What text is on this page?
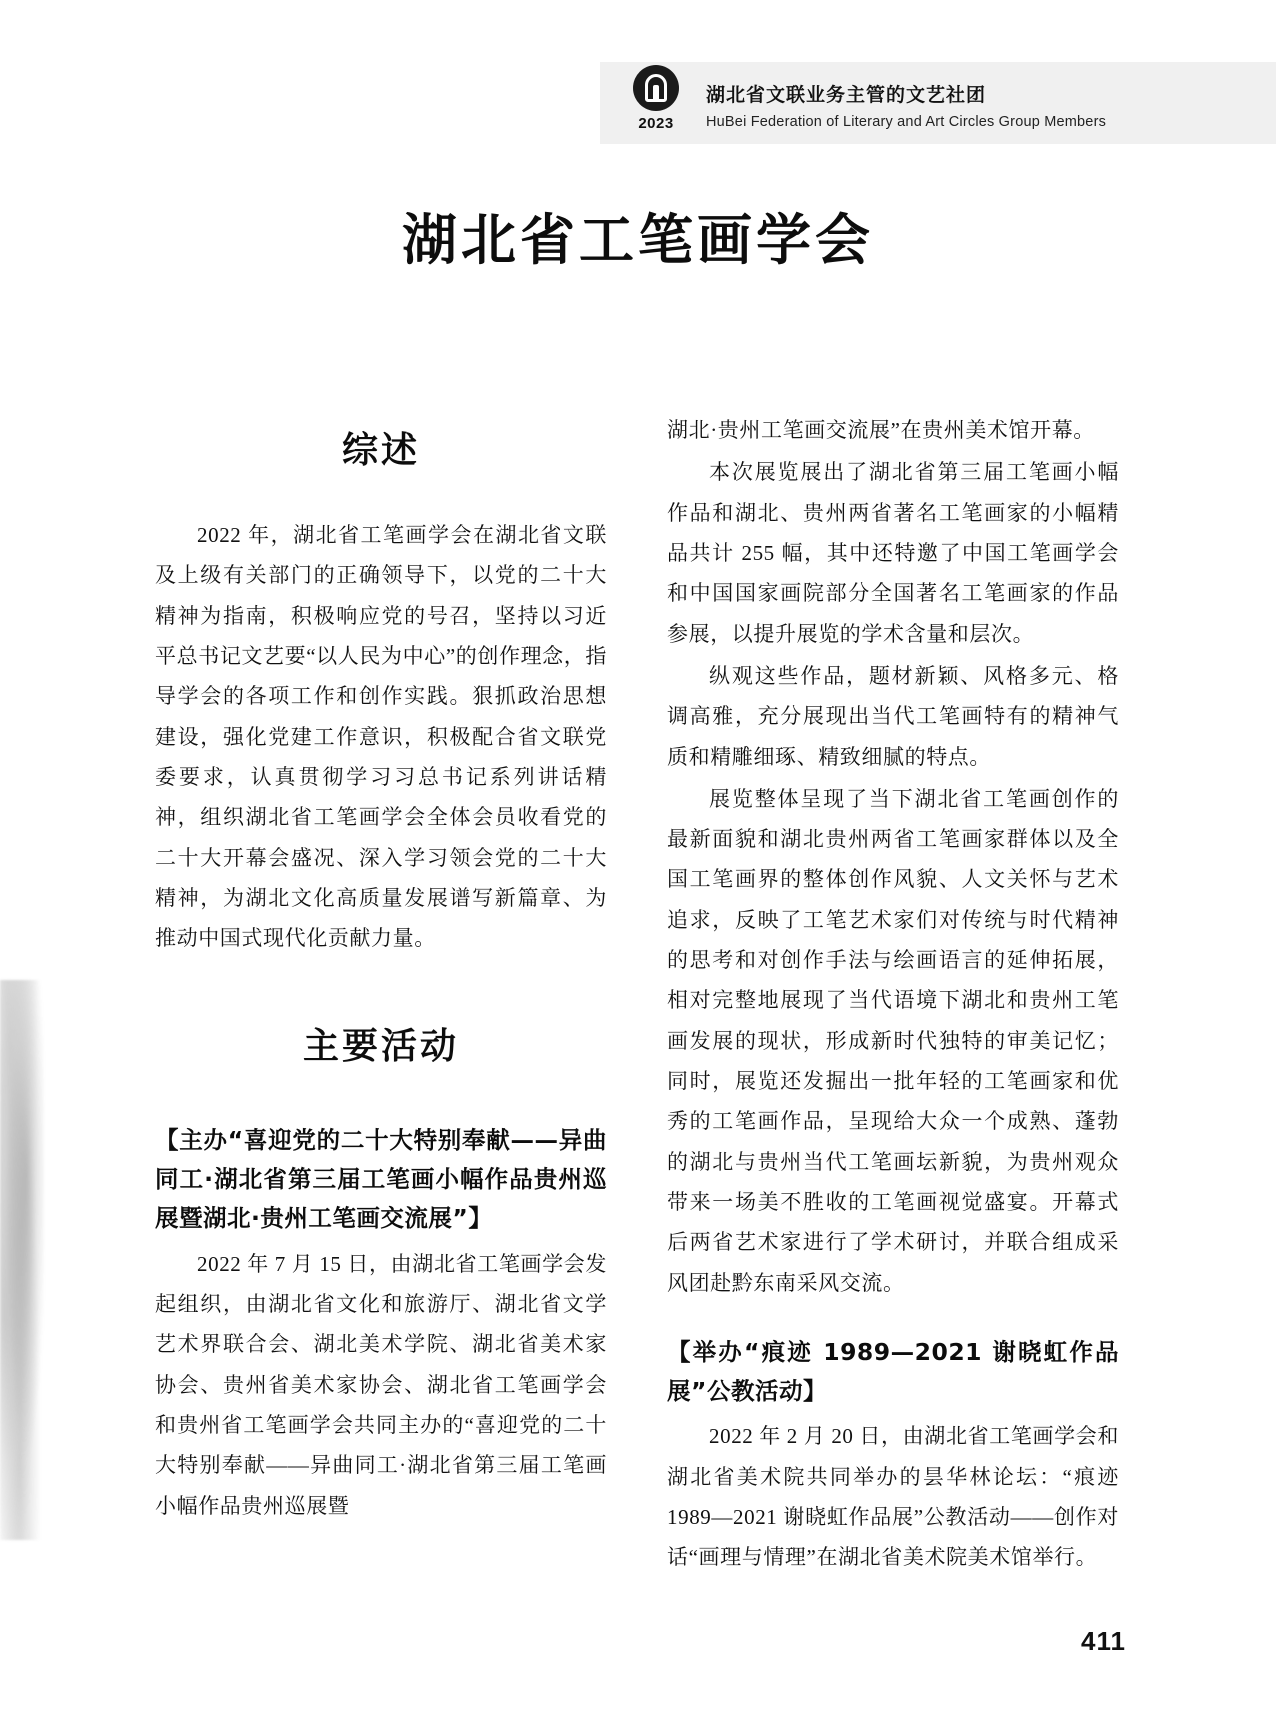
2023
湖北省文联业务主管的文艺社团
HuBei Federation of Literary and Art Circles Group Members
湖北省工笔画学会
综述

2022 年，湖北省工笔画学会在湖北省文联及上级有关部门的正确领导下，以党的二十大精神为指南，积极响应党的号召，坚持以习近平总书记文艺要“以人民为中心”的创作理念，指导学会的各项工作和创作实践。狠抓政治思想建设，强化党建工作意识，积极配合省文联党委要求，认真贯彻学习习总书记系列讲话精神，组织湖北省工笔画学会全体会员收看党的二十大开幕会盛况、深入学习领会党的二十大精神，为湖北文化高质量发展谱写新篇章、为推动中国式现代化贡献力量。

主要活动
【主办“喜迎党的二十大特别奉献——异曲同工·湖北省第三届工笔画小幅作品贵州巡展暨湖北·贵州工笔画交流展”】

2022 年 7 月 15 日，由湖北省工笔画学会发起组织，由湖北省文化和旅游厅、湖北省文学艺术界联合会、湖北美术学院、湖北省美术家协会、贵州省美术家协会、湖北省工笔画学会和贵州省工笔画学会共同主办的“喜迎党的二十大特别奉献——异曲同工·湖北省第三届工笔画小幅作品贵州巡展暨

湖北·贵州工笔画交流展”在贵州美术馆开幕。

本次展览展出了湖北省第三届工笔画小幅作品和湖北、贵州两省著名工笔画家的小幅精品共计 255 幅，其中还特邀了中国工笔画学会和中国国家画院部分全国著名工笔画家的作品参展，以提升展览的学术含量和层次。

纵观这些作品，题材新颖、风格多元、格调高雅，充分展现出当代工笔画特有的精神气质和精雕细琢、精致细腻的特点。

展览整体呈现了当下湖北省工笔画创作的最新面貌和湖北贵州两省工笔画家群体以及全国工笔画界的整体创作风貌、人文关怀与艺术追求，反映了工笔艺术家们对传统与时代精神的思考和对创作手法与绘画语言的延伸拓展，相对完整地展现了当代语境下湖北和贵州工笔画发展的现状，形成新时代独特的审美记忆；同时，展览还发掘出一批年轻的工笔画家和优秀的工笔画作品，呈现给大众一个成熟、蓬勃的湖北与贵州当代工笔画坛新貌，为贵州观众带来一场美不胜收的工笔画视觉盛宴。开幕式后两省艺术家进行了学术研讨，并联合组成采风团赴黔东南采风交流。

【举办“痕迹 1989—2021 谢晓虹作品展”公教活动】

2022 年 2 月 20 日，由湖北省工笔画学会和湖北省美术院共同举办的昙华林论坛：“痕迹 1989—2021 谢晓虹作品展”公教活动——创作对话“画理与情理”在湖北省美术院美术馆举行。

411
